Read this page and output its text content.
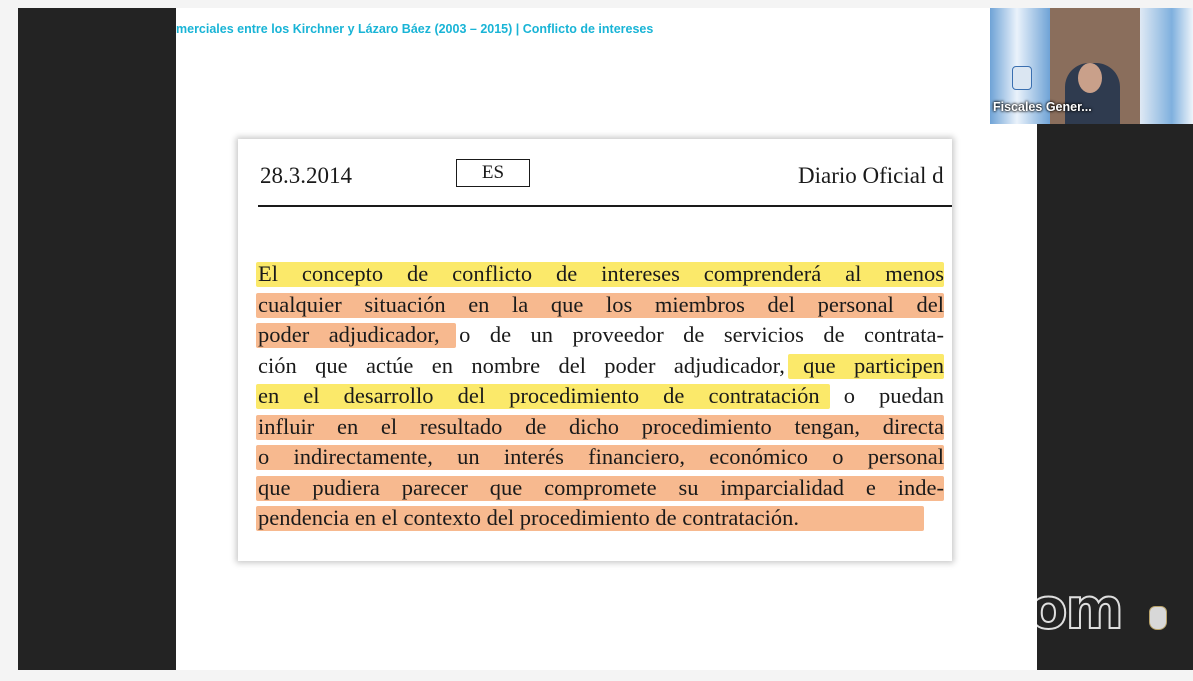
merciales entre los Kirchner y Lázaro Báez (2003 – 2015) | Conflicto de intereses
28.3.2014	ES	Diario Oficial d
El concepto de conflicto de intereses comprenderá al menos
cualquier situación en la que los miembros del personal del
poder adjudicador, o de un proveedor de servicios de contrata-
ción que actúe en nombre del poder adjudicador, que participen
en el desarrollo del procedimiento de contratación o puedan
influir en el resultado de dicho procedimiento tengan, directa
o indirectamente, un interés financiero, económico o personal
que pudiera parecer que compromete su imparcialidad e inde-
pendencia en el contexto del procedimiento de contratación.
Fiscales Gener...
zoom
